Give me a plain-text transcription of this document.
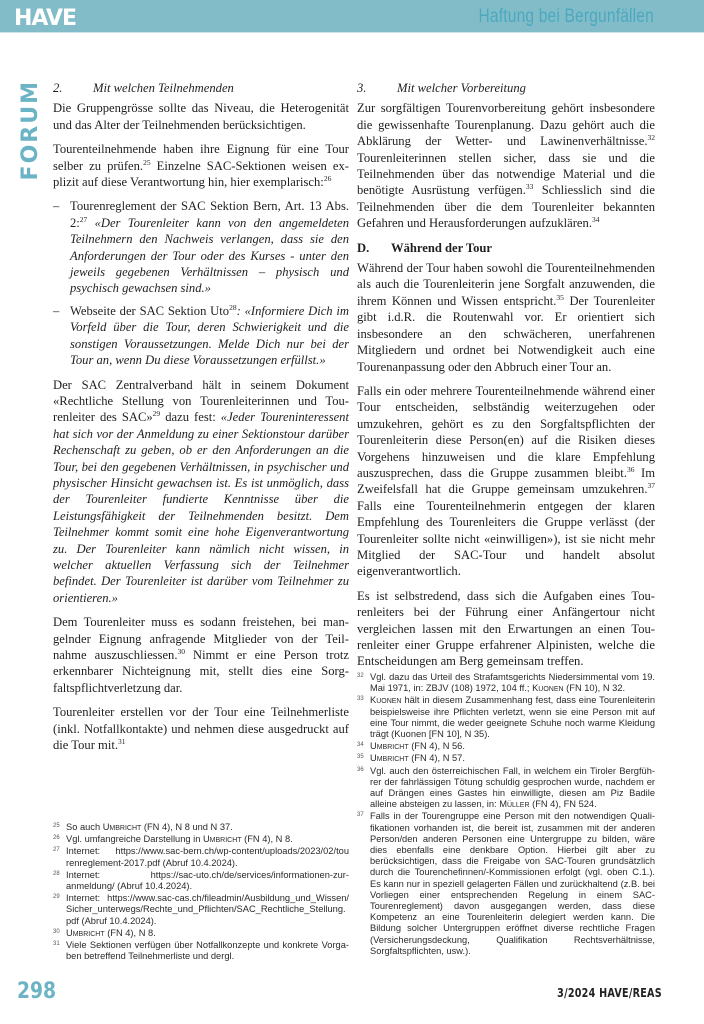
HAVE	Haftung bei Bergunfällen
FORUM 2. Mit welchen Teilnehmenden

Die Gruppengrösse sollte das Niveau, die Heterogenität und das Alter der Teilnehmenden berücksichtigen.

Tourenteilnehmende haben ihre Eignung für eine Tour selber zu prüfen.$^{25}$ Einzelne SAC-Sektionen weisen explizit auf diese Verantwortung hin, hier exemplarisch:$^{26}$

– Tourenreglement der SAC Sektion Bern, Art. 13 Abs. 2:$^{27}$ «Der Tourenleiter kann von den angemeldeten Teilnehmern den Nachweis verlangen, dass sie den Anforderungen der Tour oder des Kurses - unter den jeweils gegebenen Verhältnissen – physisch und psychisch gewachsen sind.»
– Webseite der SAC Sektion Uto$^{28}$: «Informiere Dich im Vorfeld über die Tour, deren Schwierigkeit und die sonstigen Voraussetzungen. Melde Dich nur bei der Tour an, wenn Du diese Voraussetzungen erfüllst.»

Der SAC Zentralverband hält in seinem Dokument «Rechtliche Stellung von Tourenleiterinnen und Tourenleiter des SAC»$^{29}$ dazu fest: «Jeder Toureninteressent hat sich vor der Anmeldung zu einer Sektionstour darüber Rechenschaft zu geben, ob er den Anforderungen an die Tour, bei den gegebenen Verhältnissen, in psychischer und physischer Hinsicht gewachsen ist. Es ist unmöglich, dass der Tourenleiter fundierte Kenntnisse über die Leistungsfähigkeit der Teilnehmenden besitzt. Dem Teilnehmer kommt somit eine hohe Eigenverantwortung zu. Der Tourenleiter kann nämlich nicht wissen, in welcher aktuellen Verfassung sich der Teilnehmer befindet. Der Tourenleiter ist darüber vom Teilnehmer zu orientieren.»

Dem Tourenleiter muss es sodann freistehen, bei mangelnder Eignung anfragende Mitglieder von der Teilnahme auszuschliessen.$^{30}$ Nimmt er eine Person trotz erkennbarer Nichteignung mit, stellt dies eine Sorgfaltspflichtverletzung dar.

Tourenleiter erstellen vor der Tour eine Teilnehmerliste (inkl. Notfallkontakte) und nehmen diese ausgedruckt auf die Tour mit.$^{31}$

3. Mit welcher Vorbereitung

Zur sorgfältigen Tourenvorbereitung gehört insbesondere die gewissenhafte Tourenplanung. Dazu gehört auch die Abklärung der Wetter- und Lawinenverhältnisse.$^{32}$ Tourenleiterinnen stellen sicher, dass sie und die Teilnehmenden über das notwendige Material und die benötigte Ausrüstung verfügen.$^{33}$ Schliesslich sind die Teilnehmenden über die dem Tourenleiter bekannten Gefahren und Herausforderungen aufzuklären.$^{34}$

D. Während der Tour

Während der Tour haben sowohl die Tourenteilnehmenden als auch die Tourenleiterin jene Sorgfalt anzuwenden, die ihrem Können und Wissen entspricht.$^{35}$ Der Tourenleiter gibt i.d.R. die Routenwahl vor. Er orientiert sich insbesondere an den schwächeren, unerfahrenen Mitgliedern und ordnet bei Notwendigkeit auch eine Tourenanpassung oder den Abbruch einer Tour an.

Falls ein oder mehrere Tourenteilnehmende während einer Tour entscheiden, selbständig weiterzugehen oder umzukehren, gehört es zu den Sorgfaltspflichten der Tourenleiterin diese Person(en) auf die Risiken dieses Vorgehens hinzuweisen und die klare Empfehlung auszusprechen, dass die Gruppe zusammen bleibt.$^{36}$ Im Zweifelsfall hat die Gruppe gemeinsam umzukehren.$^{37}$ Falls eine Tourenteilnehmerin entgegen der klaren Empfehlung des Tourenleiters die Gruppe verlässt (der Tourenleiter sollte nicht «einwilligen»), ist sie nicht mehr Mitglied der SAC-Tour und handelt absolut eigenverantwortlich.

Es ist selbstredend, dass sich die Aufgaben eines Tourenleiters bei der Führung einer Anfängertour nicht vergleichen lassen mit den Erwartungen an einen Tourenleiter einer Gruppe erfahrener Alpinisten, welche die Entscheidungen am Berg gemeinsam treffen.

25 So auch Umbricht (FN 4), N 8 und N 37.
26 Vgl. umfangreiche Darstellung in Umbricht (FN 4), N 8.
27 Internet: https://www.sac-bern.ch/wp-content/uploads/2023/02/tou renreglement-2017.pdf (Abruf 10.4.2024).
28 Internet: https://sac-uto.ch/de/services/informationen-zur-anmeldung/ (Abruf 10.4.2024).
29 Internet: https://www.sac-cas.ch/fileadmin/Ausbildung_und_Wissen/ Sicher_unterwegs/Rechte_und_Pflichten/SAC_Rechtliche_Stellung. pdf (Abruf 10.4.2024).
30 Umbricht (FN 4), N 8.
31 Viele Sektionen verfügen über Notfallkonzepte und konkrete Vorgaben betreffend Teilnehmerliste und dergl.
32 Vgl. dazu das Urteil des Strafamtsgerichts Niedersimmental vom 19. Mai 1971, in: ZBJV (108) 1972, 104 ff.; Kuonen (FN 10), N 32.
33 Kuonen hält in diesem Zusammenhang fest, dass eine Tourenleiterin beispielsweise ihre Pflichten verletzt, wenn sie eine Person mit auf eine Tour nimmt, die weder geeignete Schuhe noch warme Kleidung trägt (Kuonen [FN 10], N 35).
34 Umbricht (FN 4), N 56.
35 Umbricht (FN 4), N 57.
36 Vgl. auch den österreichischen Fall, in welchem ein Tiroler Bergführer der fahrlässigen Tötung schuldig gesprochen wurde, nachdem er auf Drängen eines Gastes hin einwilligte, diesen am Piz Badile alleine absteigen zu lassen, in: Müller (FN 4), FN 524.
37 Falls in der Tourengruppe eine Person mit den notwendigen Qualifikationen vorhanden ist, die bereit ist, zusammen mit der anderen Person/den anderen Personen eine Untergruppe zu bilden, wäre dies ebenfalls eine denkbare Option. Hierbei gilt aber zu berücksichtigen, dass die Freigabe von SAC-Touren grundsätzlich durch die Tourenchefinnen/-Kommissionen erfolgt (vgl. oben C.1.). Es kann nur in speziell gelagerten Fällen und zurückhaltend (z.B. bei Vorliegen einer entsprechenden Regelung in einem SAC-Tourenreglement) davon ausgegangen werden, dass diese Kompetenz an eine Tourenleiterin delegiert werden kann. Die Bildung solcher Untergruppen eröffnet diverse rechtliche Fragen (Versicherungsdeckung, Qualifikation Rechtsverhältnisse, Sorgfaltspflichten, usw.).
298	3/2024 HAVE/REAS
